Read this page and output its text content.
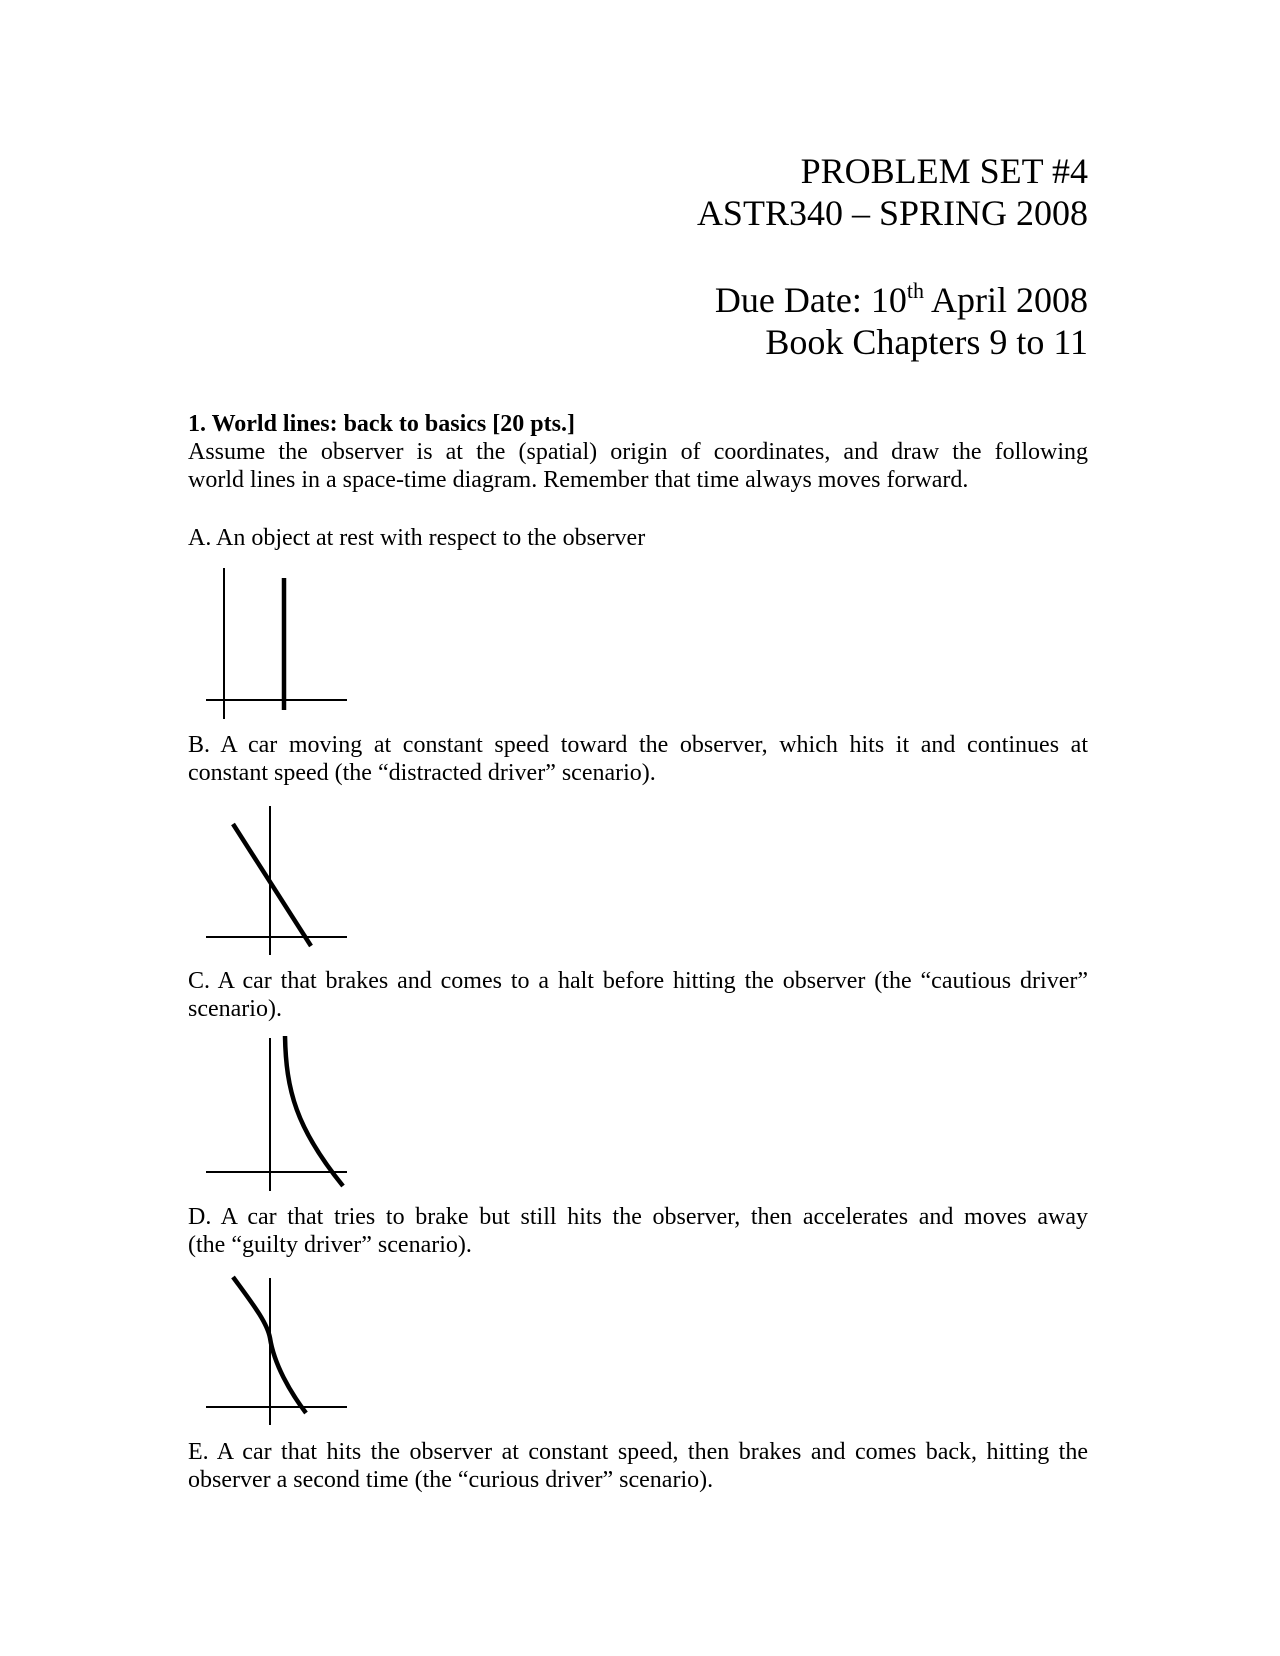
PROBLEM SET #4
ASTR340 – SPRING 2008
Due Date: 10th April 2008
Book Chapters 9 to 11
1. World lines: back to basics [20 pts.]
Assume the observer is at the (spatial) origin of coordinates, and draw the following
world lines in a space-time diagram. Remember that time always moves forward.
A. An object at rest with respect to the observer
B. A car moving at constant speed toward the observer, which hits it and continues at
constant speed (the “distracted driver” scenario).
C. A car that brakes and comes to a halt before hitting the observer (the “cautious driver”
scenario).
D. A car that tries to brake but still hits the observer, then accelerates and moves away
(the “guilty driver” scenario).
E. A car that hits the observer at constant speed, then brakes and comes back, hitting the
observer a second time (the “curious driver” scenario).
